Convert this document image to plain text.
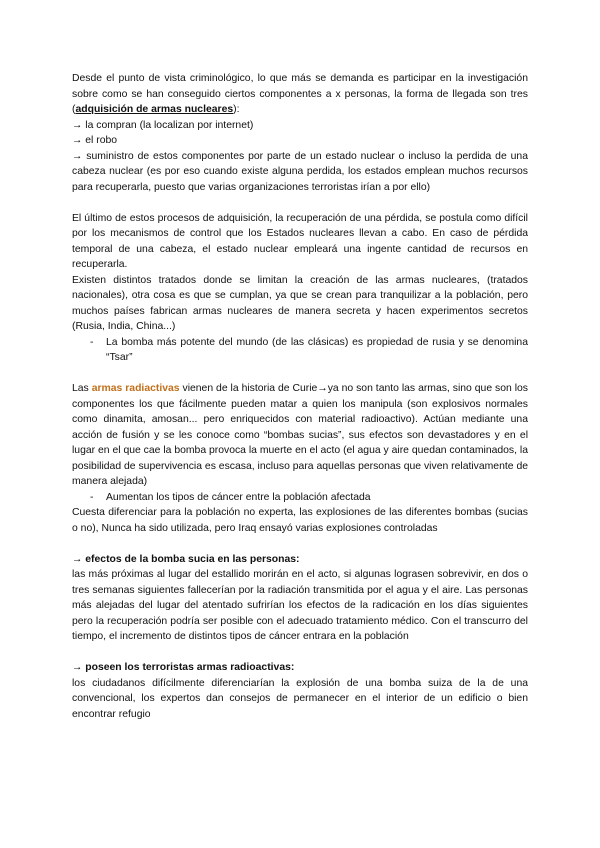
Desde el punto de vista criminológico, lo que más se demanda es participar en la investigación sobre como se han conseguido ciertos componentes a x personas, la forma de llegada son tres (adquisición de armas nucleares):

→ la compran (la localizan por internet)

→ el robo

→ suministro de estos componentes por parte de un estado nuclear o incluso la perdida de una cabeza nuclear (es por eso cuando existe alguna perdida, los estados emplean muchos recursos para recuperarla, puesto que varias organizaciones terroristas irían a por ello)

El último de estos procesos de adquisición, la recuperación de una pérdida, se postula como difícil por los mecanismos de control que los Estados nucleares llevan a cabo. En caso de pérdida temporal de una cabeza, el estado nuclear empleará una ingente cantidad de recursos en recuperarla.

Existen distintos tratados donde se limitan la creación de las armas nucleares, (tratados nacionales), otra cosa es que se cumplan, ya que se crean para tranquilizar a la población, pero muchos países fabrican armas nucleares de manera secreta y hacen experimentos secretos (Rusia, India, China...)

-	La bomba más potente del mundo (de las clásicas) es propiedad de rusia y se denomina “Tsar”

Las armas radiactivas vienen de la historia de Curie→ya no son tanto las armas, sino que son los componentes los que fácilmente pueden matar a quien los manipula (son explosivos normales como dinamita, amosan... pero enriquecidos con material radioactivo). Actúan mediante una acción de fusión y se les conoce como “bombas sucias”, sus efectos son devastadores y en el lugar en el que cae la bomba provoca la muerte en el acto (el agua y aire quedan contaminados, la posibilidad de supervivencia es escasa, incluso para aquellas personas que viven relativamente de manera alejada)

-	Aumentan los tipos de cáncer entre la población afectada

Cuesta diferenciar para la población no experta, las explosiones de las diferentes bombas (sucias o no), Nunca ha sido utilizada, pero Iraq ensayó varias explosiones controladas

→ efectos de la bomba sucia en las personas:

las más próximas al lugar del estallido morirán en el acto, si algunas lograsen sobrevivir, en dos o tres semanas siguientes fallecerían por la radiación transmitida por el agua y el aire. Las personas más alejadas del lugar del atentado sufrirían los efectos de la radicación en los días siguientes pero la recuperación podría ser posible con el adecuado tratamiento médico. Con el transcurro del tiempo, el incremento de distintos tipos de cáncer entrara en la población

→ poseen los terroristas armas radioactivas:

los ciudadanos difícilmente diferenciarían la explosión de una bomba suiza de la de una convencional, los expertos dan consejos de permanecer en el interior de un edificio o bien encontrar refugio
